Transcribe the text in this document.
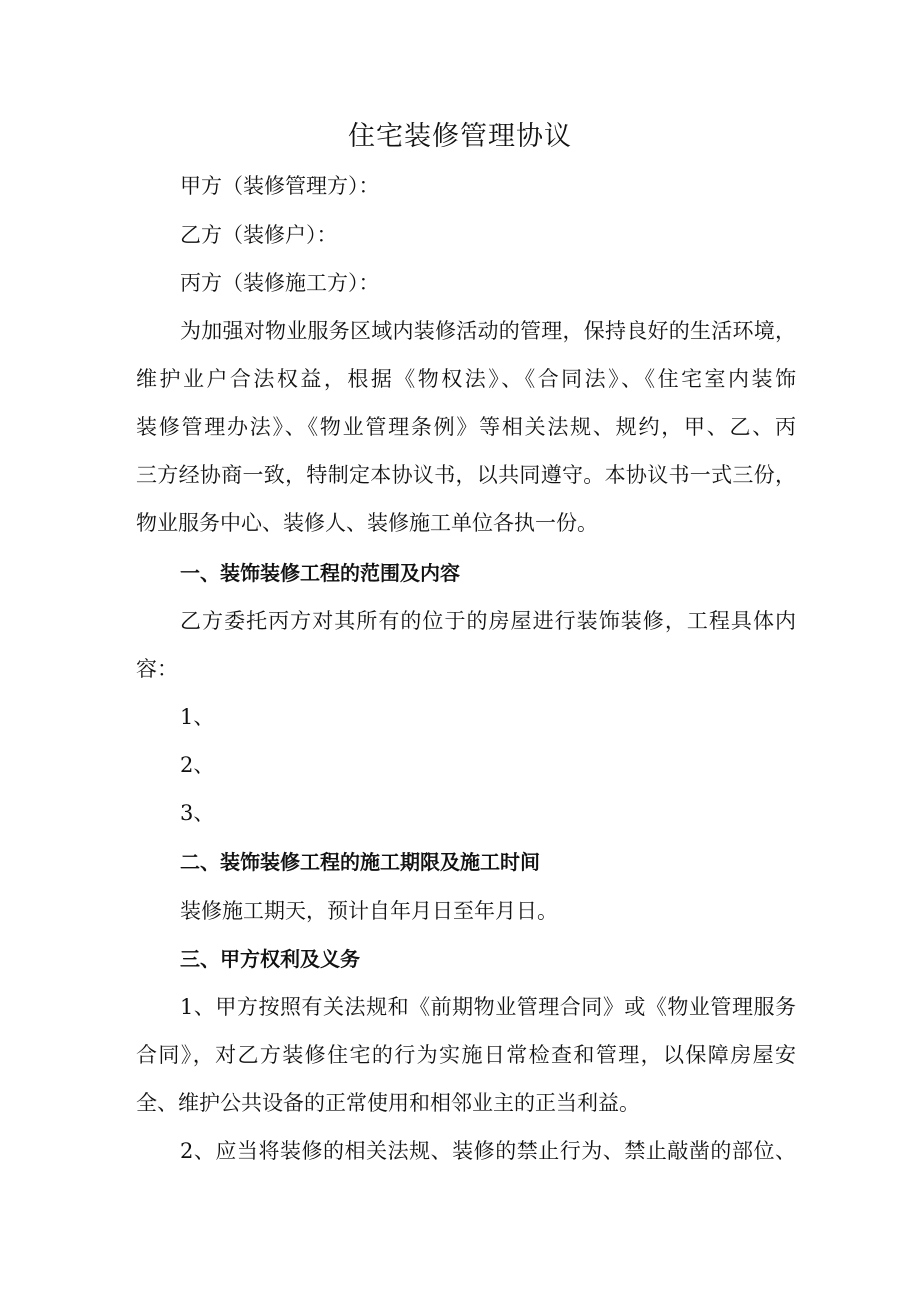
住宅装修管理协议
甲方（装修管理方）：
乙方（装修户）：
丙方（装修施工方）：
为加强对物业服务区域内装修活动的管理，保持良好的生活环境，
维护业户合法权益，根据《物权法》、《合同法》、《住宅室内装饰
装修管理办法》、《物业管理条例》等相关法规、规约，甲、乙、丙
三方经协商一致，特制定本协议书，以共同遵守。本协议书一式三份，
物业服务中心、装修人、装修施工单位各执一份。
一、装饰装修工程的范围及内容
乙方委托丙方对其所有的位于的房屋进行装饰装修，工程具体内
容：
1、
2、
3、
二、装饰装修工程的施工期限及施工时间
装修施工期天，预计自年月日至年月日。
三、甲方权利及义务
1、甲方按照有关法规和《前期物业管理合同》或《物业管理服务
合同》，对乙方装修住宅的行为实施日常检查和管理，以保障房屋安
全、维护公共设备的正常使用和相邻业主的正当利益。
2、应当将装修的相关法规、装修的禁止行为、禁止敲凿的部位、
